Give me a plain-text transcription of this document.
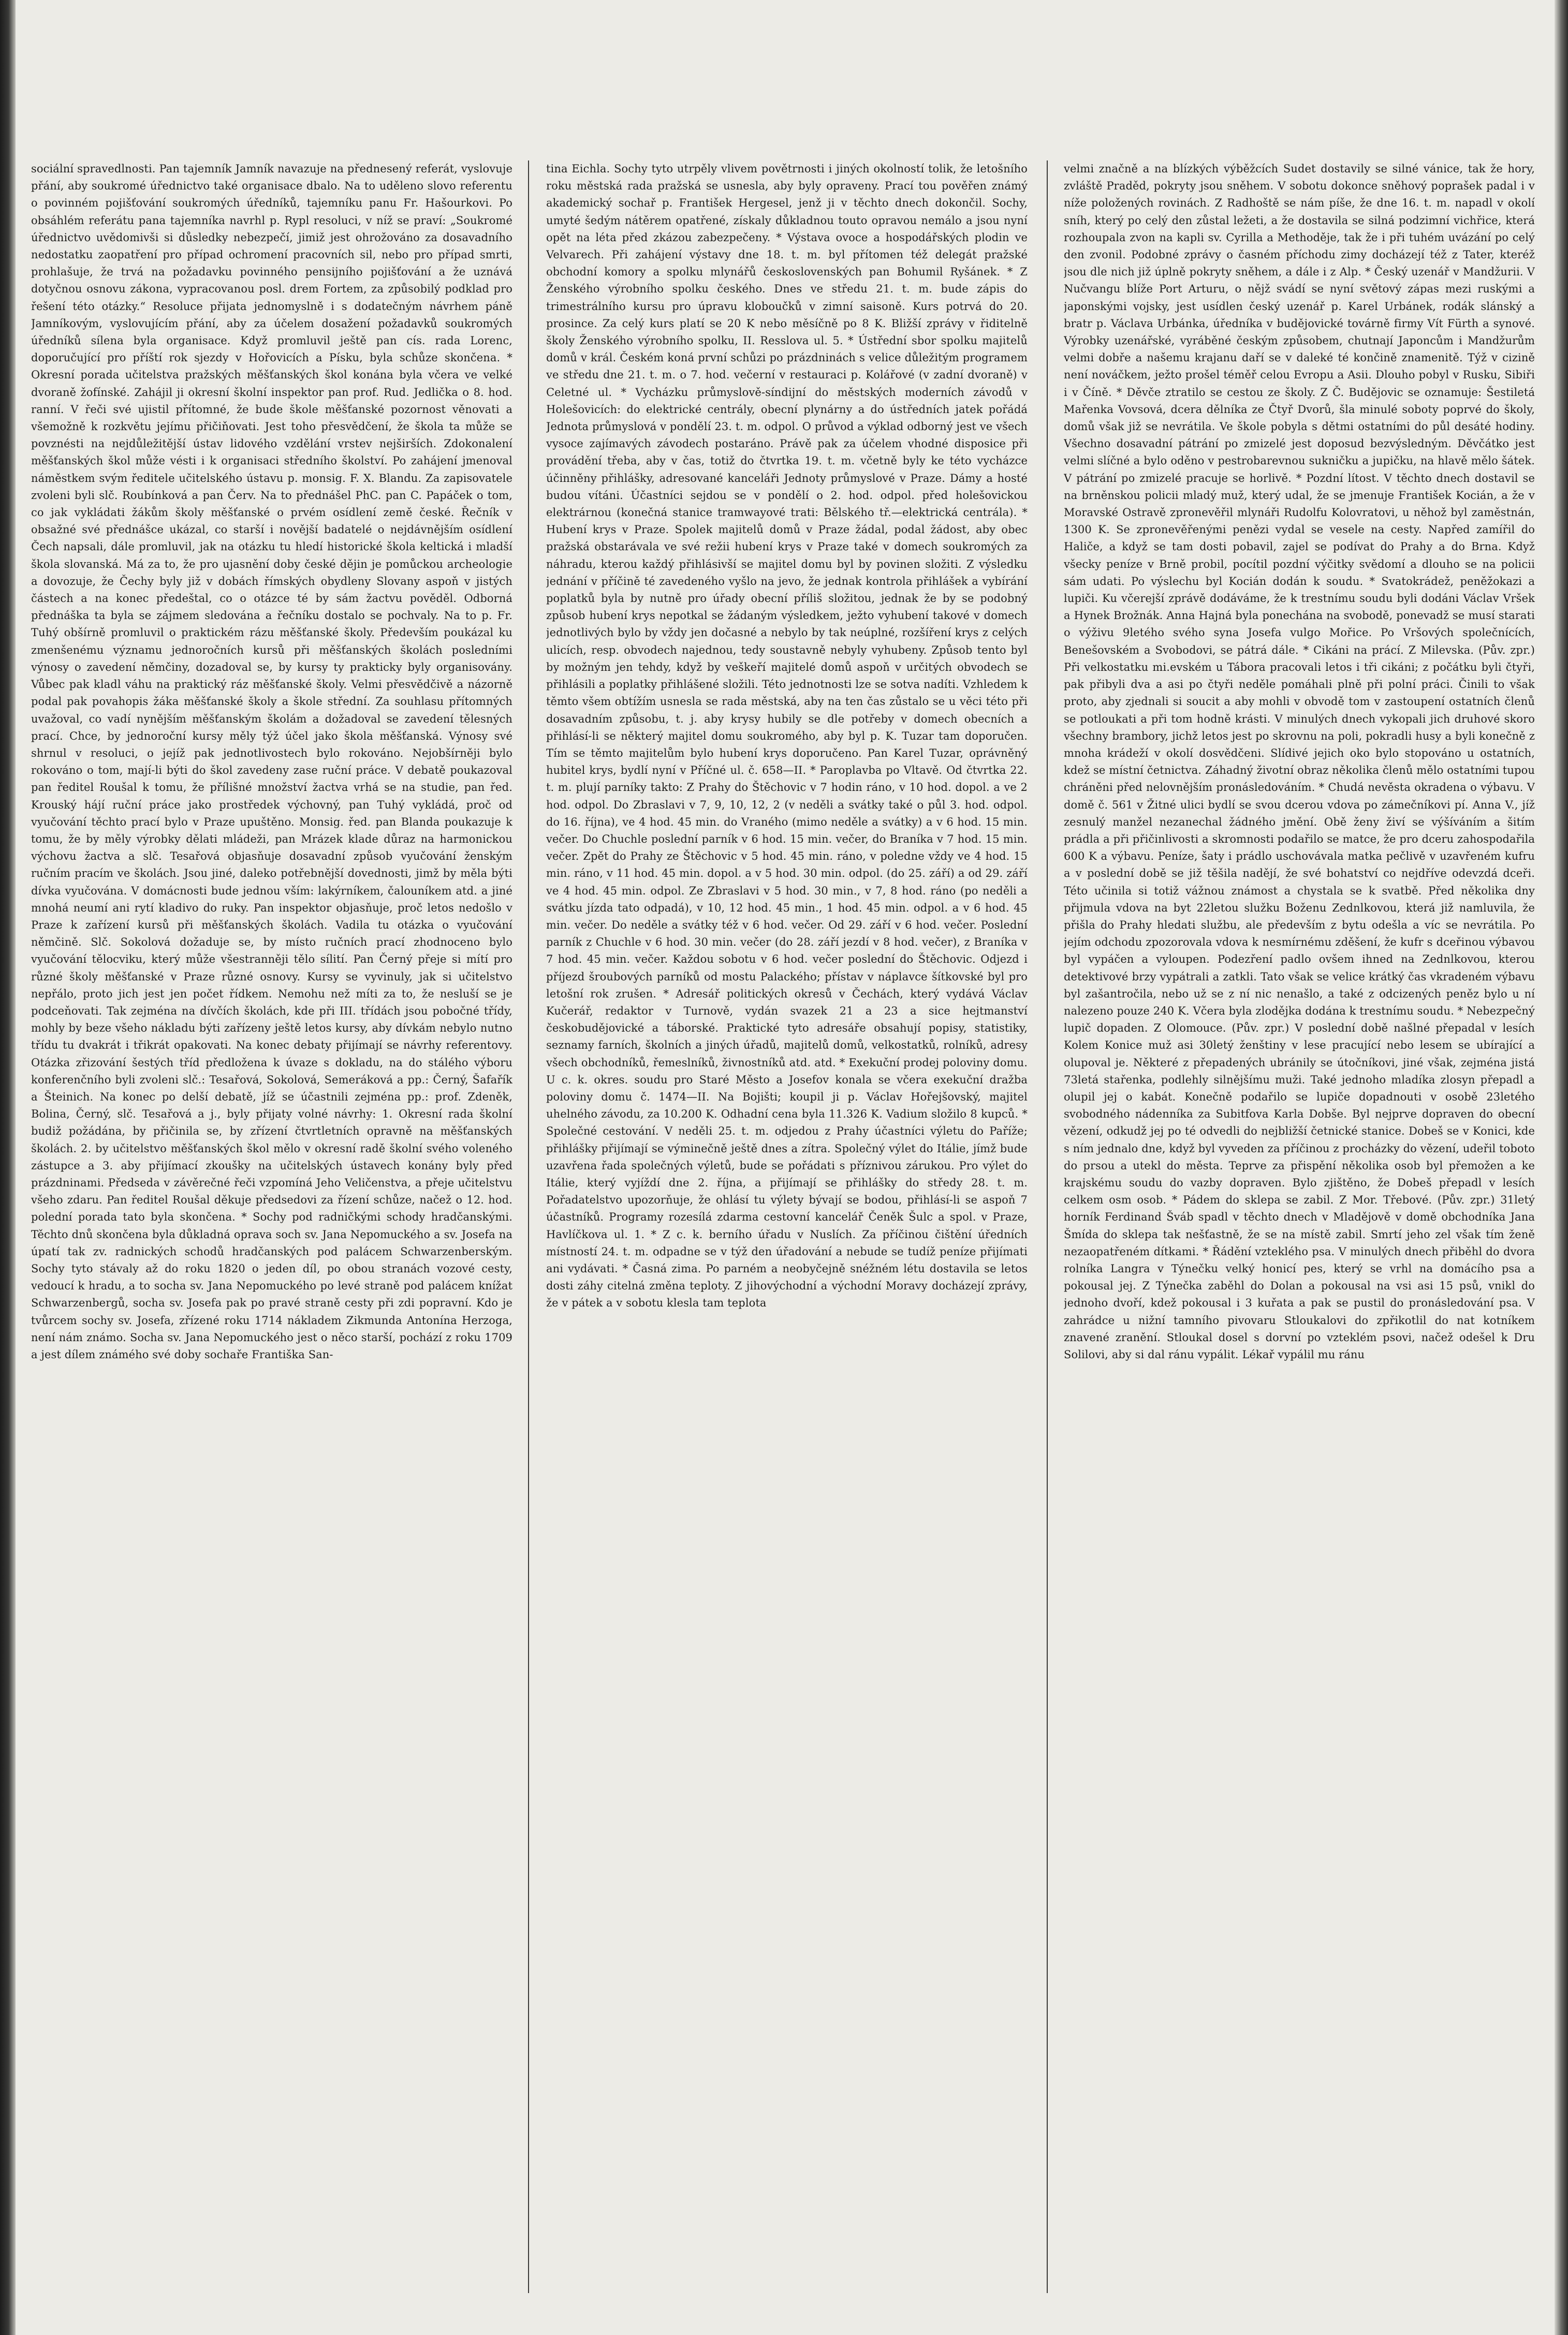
sociální spravedlnosti. Pan tajemník Jamník navazuje na přednesený referát, vyslovuje přání, aby soukromé úřednictvo také organisace dbalo. Na to uděleno slovo referentu o povinném pojišťování soukromých úředníků, tajemníku panu Fr. Hašourkovi. Po obsáhlém referátu pana tajemníka navrhl p. Rypl resoluci, v níž se praví: „Soukromé úřednictvo uvědomivši si důsledky nebezpečí, jimiž jest ohrožováno za dosavadního nedostatku zaopatření pro případ ochromení pracovních sil, nebo pro případ smrti, prohlašuje, že trvá na požadavku povinného pensijního pojišťování a že uznává dotyčnou osnovu zákona, vypracovanou posl. drem Fortem, za způsobilý podklad pro řešení této otázky.“ Resoluce přijata jednomyslně i s dodatečným návrhem páně Jamníkovým, vyslovujícím přání, aby za účelem dosažení požadavků soukromých úředníků sílena byla organisace. Když promluvil ještě pan cís. rada Lorenc, doporučující pro příští rok sjezdy v Hořovicích a Písku, byla schůze skončena. * Okresní porada učitelstva pražských měšťanských škol konána byla včera ve velké dvoraně žofínské. Zahájil ji okresní školní inspektor pan prof. Rud. Jedlička o 8. hod. ranní. V řeči své ujistil přítomné, že bude škole měšťanské pozornost věnovati a všemožně k rozkvětu jejímu přičiňovati. Jest toho přesvědčení, že škola ta může se povznésti na nejdůležitější ústav lidového vzdělání vrstev nejširších. Zdokonalení měšťanských škol může vésti i k organisaci středního školství. Po zahájení jmenoval náměstkem svým ředitele učitelského ústavu p. monsig. F. X. Blandu. Za zapisovatele zvoleni byli slč. Roubínková a pan Červ. Na to přednášel PhC. pan C. Papáček o tom, co jak vykládati žákům školy měšťanské o prvém osídlení země české. Řečník v obsažné své přednášce ukázal, co starší i novější badatelé o nejdávnějším osídlení Čech napsali, dále promluvil, jak na otázku tu hledí historické škola keltická i mladší škola slovanská. Má za to, že pro ujasnění doby české dějin je pomůckou archeologie a dovozuje, že Čechy byly již v dobách římských obydleny Slovany aspoň v jistých částech a na konec předeštal, co o otázce té by sám žactvu pověděl. Odborná přednáška ta byla se zájmem sledována a řečníku dostalo se pochvaly. Na to p. Fr. Tuhý obšírně promluvil o praktickém rázu měšťanské školy. Především poukázal ku zmenšenému významu jednoročních kursů při měšťanských školách posledními výnosy o zavedení němčiny, dozadoval se, by kursy ty prakticky byly organisovány. Vůbec pak kladl váhu na praktický ráz měšťanské školy. Velmi přesvědčivě a názorně podal pak povahopis žáka měšťanské školy a škole střední. Za souhlasu přítomných uvažoval, co vadí nynějším měšťanským školám a dožadoval se zavedení tělesných prací. Chce, by jednoroční kursy měly týž účel jako škola měšťanská. Výnosy své shrnul v resoluci, o jejíž pak jednotlivostech bylo rokováno. Nejobšírněji bylo rokováno o tom, mají-li býti do škol zavedeny zase ruční práce. V debatě poukazoval pan ředitel Roušal k tomu, že přílišné množství žactva vrhá se na studie, pan řed. Krouský hájí ruční práce jako prostředek výchovný, pan Tuhý vykládá, proč od vyučování těchto prací bylo v Praze upuštěno. Monsig. řed. pan Blanda poukazuje k tomu, že by měly výrobky dělati mládeži, pan Mrázek klade důraz na harmonickou výchovu žactva a slč. Tesařová objasňuje dosavadní způsob vyučování ženským ručním pracím ve školách. Jsou jiné, daleko potřebnější dovednosti, jimž by měla býti dívka vyučována. V domácnosti bude jednou vším: lakýrníkem, čalouníkem atd. a jiné mnohá neumí ani rytí kladivo do ruky. Pan inspektor objasňuje, proč letos nedošlo v Praze k zařízení kursů při měšťanských školách. Vadila tu otázka o vyučování němčině. Slč. Sokolová dožaduje se, by místo ručních prací zhodnoceno bylo vyučování tělocviku, který může všestranněji tělo sílití. Pan Černý přeje si mítí pro různé školy měšťanské v Praze různé osnovy. Kursy se vyvinuly, jak si učitelstvo nepřálo, proto jich jest jen počet řídkem. Nemohu než míti za to, že nesluší se je podceňovati. Tak zejména na dívčích školách, kde při III. třídách jsou pobočné třídy, mohly by beze všeho nákladu býti zařízeny ještě letos kursy, aby dívkám nebylo nutno třídu tu dvakrát i třikrát opakovati. Na konec debaty přijímají se návrhy referentovy. Otázka zřizování šestých tříd předložena k úvaze s dokladu, na do stálého výboru konferenčního byli zvoleni slč.: Tesařová, Sokolová, Semeráková a pp.: Černý, Šafařík a Šteinich. Na konec po delší debatě, jíž se účastnili zejména pp.: prof. Zdeněk, Bolina, Černý, slč. Tesařová a j., byly přijaty volné návrhy: 1. Okresní rada školní budiž požádána, by přičinila se, by zřízení čtvrtletních opravně na měšťanských školách. 2. by učitelstvo měšťanských škol mělo v okresní radě školní svého voleného zástupce a 3. aby přijímací zkoušky na učitelských ústavech konány byly před prázdninami. Předseda v závěrečné řeči vzpomíná Jeho Veličenstva, a přeje učitelstvu všeho zdaru. Pan ředitel Roušal děkuje předsedovi za řízení schůze, načež o 12. hod. polední porada tato byla skončena. * Sochy pod radničkými schody hradčanskými. Těchto dnů skončena byla důkladná oprava soch sv. Jana Nepomuckého a sv. Josefa na úpatí tak zv. radnických schodů hradčanských pod palácem Schwarzenberským. Sochy tyto stávaly až do roku 1820 o jeden díl, po obou stranách vozové cesty, vedoucí k hradu, a to socha sv. Jana Nepomuckého po levé straně pod palácem knížat Schwarzenbergů, socha sv. Josefa pak po pravé straně cesty při zdi popravní. Kdo je tvůrcem sochy sv. Josefa, zřízené roku 1714 nákladem Zikmunda Antonína Herzoga, není nám známo. Socha sv. Jana Nepomuckého jest o něco starší, pochází z roku 1709 a jest dílem známého své doby sochaře Františka San-

tina Eichla. Sochy tyto utrpěly vlivem povětrnosti i jiných okolností tolik, že letošního roku městská rada pražská se usnesla, aby byly opraveny. Prací tou pověřen známý akademický sochař p. František Hergesel, jenž ji v těchto dnech dokončil. Sochy, umyté šedým nátěrem opatřené, získaly důkladnou touto opravou nemálo a jsou nyní opět na léta před zkázou zabezpečeny. * Výstava ovoce a hospodářských plodin ve Velvarech. Při zahájení výstavy dne 18. t. m. byl přítomen též delegát pražské obchodní komory a spolku mlynářů československých pan Bohumil Ryšánek. * Z Ženského výrobního spolku českého. Dnes ve středu 21. t. m. bude zápis do trimestrálního kursu pro úpravu kloboučků v zimní saisoně. Kurs potrvá do 20. prosince. Za celý kurs platí se 20 K nebo měsíčně po 8 K. Bližší zprávy v řiditelně školy Ženského výrobního spolku, II. Resslova ul. 5. * Ústřední sbor spolku majitelů domů v král. Českém koná první schůzi po prázdninách s velice důležitým programem ve středu dne 21. t. m. o 7. hod. večerní v restauraci p. Kolářové (v zadní dvoraně) v Celetné ul. * Vycházku průmyslově-síndijní do městských moderních závodů v Holešovicích: do elektrické centrály, obecní plynárny a do ústředních jatek pořádá Jednota průmyslová v pondělí 23. t. m. odpol. O průvod a výklad odborný jest ve všech vysoce zajímavých závodech postaráno. Právě pak za účelem vhodné disposice při provádění třeba, aby v čas, totiž do čtvrtka 19. t. m. včetně byly ke této vycházce účinněny přihlášky, adresované kanceláři Jednoty průmyslové v Praze. Dámy a hosté budou vítáni. Účastníci sejdou se v pondělí o 2. hod. odpol. před holešovickou elektrárnou (konečná stanice tramwayové trati: Bělského tř.—elektrická centrála). * Hubení krys v Praze. Spolek majitelů domů v Praze žádal, podal žádost, aby obec pražská obstarávala ve své režii hubení krys v Praze také v domech soukromých za náhradu, kterou každý přihlásivší se majitel domu byl by povinen složiti. Z výsledku jednání v příčině té zavedeného vyšlo na jevo, že jednak kontrola přihlášek a vybírání poplatků byla by nutně pro úřady obecní příliš složitou, jednak že by se podobný způsob hubení krys nepotkal se žádaným výsledkem, ježto vyhubení takové v domech jednotlivých bylo by vždy jen dočasné a nebylo by tak neúplné, rozšíření krys z celých ulicích, resp. obvodech najednou, tedy soustavně nebyly vyhubeny. Způsob tento byl by možným jen tehdy, když by veškeří majitelé domů aspoň v určitých obvodech se přihlásili a poplatky přihlášené složili. Této jednotnosti lze se sotva nadíti. Vzhledem k těmto všem obtížím usnesla se rada městská, aby na ten čas zůstalo se u věci této při dosavadním způsobu, t. j. aby krysy hubily se dle potřeby v domech obecních a přihlásí-li se některý majitel domu soukromého, aby byl p. K. Tuzar tam doporučen. Tím se těmto majitelům bylo hubení krys doporučeno. Pan Karel Tuzar, oprávněný hubitel krys, bydlí nyní v Příčné ul. č. 658—II. * Paroplavba po Vltavě. Od čtvrtka 22. t. m. plují parníky takto: Z Prahy do Štěchovic v 7 hodin ráno, v 10 hod. dopol. a ve 2 hod. odpol. Do Zbraslavi v 7, 9, 10, 12, 2 (v neděli a svátky také o půl 3. hod. odpol. do 16. října), ve 4 hod. 45 min. do Vraného (mimo neděle a svátky) a v 6 hod. 15 min. večer. Do Chuchle poslední parník v 6 hod. 15 min. večer, do Braníka v 7 hod. 15 min. večer. Zpět do Prahy ze Štěchovic v 5 hod. 45 min. ráno, v poledne vždy ve 4 hod. 15 min. ráno, v 11 hod. 45 min. dopol. a v 5 hod. 30 min. odpol. (do 25. září) a od 29. září ve 4 hod. 45 min. odpol. Ze Zbraslavi v 5 hod. 30 min., v 7, 8 hod. ráno (po neděli a svátku jízda tato odpadá), v 10, 12 hod. 45 min., 1 hod. 45 min. odpol. a v 6 hod. 45 min. večer. Do neděle a svátky též v 6 hod. večer. Od 29. září v 6 hod. večer. Poslední parník z Chuchle v 6 hod. 30 min. večer (do 28. září jezdí v 8 hod. večer), z Braníka v 7 hod. 45 min. večer. Každou sobotu v 6 hod. večer poslední do Štěchovic. Odjezd i příjezd šroubových parníků od mostu Palackého; přístav v náplavce šítkovské byl pro letošní rok zrušen. * Adresář politických okresů v Čechách, který vydává Václav Kučerář, redaktor v Turnově, vydán svazek 21 a 23 a sice hejtmanství českobudějovické a táborské. Praktické tyto adresáře obsahují popisy, statistiky, seznamy farních, školních a jiných úřadů, majitelů domů, velkostatků, rolníků, adresy všech obchodníků, řemeslníků, živnostníků atd. atd. * Exekuční prodej poloviny domu. U c. k. okres. soudu pro Staré Město a Josefov konala se včera exekuční dražba poloviny domu č. 1474—II. Na Bojišti; koupil ji p. Václav Hořejšovský, majitel uhelného závodu, za 10.200 K. Odhadní cena byla 11.326 K. Vadium složilo 8 kupců. * Společné cestování. V neděli 25. t. m. odjedou z Prahy účastníci výletu do Paříže; přihlášky přijímají se výminečně ještě dnes a zítra. Společný výlet do Itálie, jímž bude uzavřena řada společných výletů, bude se pořádati s příznivou zárukou. Pro výlet do Itálie, který vyjíždí dne 2. října, a přijímají se přihlášky do středy 28. t. m. Pořadatelstvo upozorňuje, že ohlásí tu výlety bývají se bodou, přihlásí-li se aspoň 7 účastníků. Programy rozesílá zdarma cestovní kancelář Čeněk Šulc a spol. v Praze, Havlíčkova ul. 1. * Z c. k. berního úřadu v Nuslích. Za příčinou čištění úředních místností 24. t. m. odpadne se v týž den úřadování a nebude se tudíž peníze přijímati ani vydávati. * Časná zima. Po parném a neobyčejně snéžném létu dostavila se letos dosti záhy citelná změna teploty. Z jihovýchodní a východní Moravy docházejí zprávy, že v pátek a v sobotu klesla tam teplota

velmi značně a na blízkých výběžcích Sudet dostavily se silné vánice, tak že hory, zvláště Praděd, pokryty jsou sněhem. V sobotu dokonce sněhový poprašek padal i v níže položených rovinách. Z Radhoště se nám píše, že dne 16. t. m. napadl v okolí sníh, který po celý den zůstal ležeti, a že dostavila se silná podzimní vichřice, která rozhoupala zvon na kapli sv. Cyrilla a Methoděje, tak že i při tuhém uvázání po celý den zvonil. Podobné zprávy o časném příchodu zimy docházejí též z Tater, kteréž jsou dle nich již úplně pokryty sněhem, a dále i z Alp. * Český uzenář v Mandžurii. V Nučvangu blíže Port Arturu, o nějž svádí se nyní světový zápas mezi ruskými a japonskými vojsky, jest usídlen český uzenář p. Karel Urbánek, rodák slánský a bratr p. Václava Urbánka, úředníka v budějovické továrně firmy Vít Fürth a synové. Výrobky uzenářské, vyráběné českým způsobem, chutnají Japoncům i Mandžurům velmi dobře a našemu krajanu daří se v daleké té končině znamenitě. Týž v cizině není nováčkem, ježto prošel téměř celou Evropu a Asii. Dlouho pobyl v Rusku, Sibiři i v Číně. * Děvče ztratilo se cestou ze školy. Z Č. Budějovic se oznamuje: Šestiletá Mařenka Vovsová, dcera dělníka ze Čtyř Dvorů, šla minulé soboty poprvé do školy, domů však již se nevrátila. Ve škole pobyla s dětmi ostatními do půl desáté hodiny. Všechno dosavadní pátrání po zmizelé jest doposud bezvýsledným. Děvčátko jest velmi slíčné a bylo oděno v pestrobarevnou sukničku a jupičku, na hlavě mělo šátek. V pátrání po zmizelé pracuje se horlivě. * Pozdní lítost. V těchto dnech dostavil se na brněnskou policii mladý muž, který udal, že se jmenuje František Kocián, a že v Moravské Ostravě zpronevěřil mlynáři Rudolfu Kolovratovi, u něhož byl zaměstnán, 1300 K. Se zpronevěřenými penězi vydal se vesele na cesty. Napřed zamířil do Haliče, a když se tam dosti pobavil, zajel se podívat do Prahy a do Brna. Když všecky peníze v Brně probil, pocítil pozdní výčitky svědomí a dlouho se na policii sám udati. Po výslechu byl Kocián dodán k soudu. * Svatokrádež, peněžokazi a lupiči. Ku včerejší zprávě dodáváme, že k trestnímu soudu byli dodáni Václav Vršek a Hynek Brožnák. Anna Hajná byla ponechána na svobodě, ponevadž se musí starati o výživu 9letého svého syna Josefa vulgo Mořice. Po Vršových společnících, Benešovském a Svobodovi, se pátrá dále. * Cikáni na prácí. Z Milevska. (Pův. zpr.) Při velkostatku mi.evském u Tábora pracovali letos i tři cikáni; z počátku byli čtyři, pak přibyli dva a asi po čtyři neděle pomáhali plně při polní práci. Činili to však proto, aby zjednali si soucit a aby mohli v obvodě tom v zastoupení ostatních členů se potloukati a při tom hodně krásti. V minulých dnech vykopali jich druhové skoro všechny brambory, jichž letos jest po skrovnu na poli, pokradli husy a byli konečně z mnoha krádeží v okolí dosvědčeni. Slídivé jejich oko bylo stopováno u ostatních, kdež se místní četnictva. Záhadný životní obraz několika členů mělo ostatními tupou chráněni před nelovnějším pronásledováním. * Chudá nevěsta okradena o výbavu. V domě č. 561 v Žitné ulici bydlí se svou dcerou vdova po zámečníkovi pí. Anna V., jíž zesnulý manžel nezanechal žádného jmění. Obě ženy živí se výšíváním a šitím prádla a při přičinlivosti a skromnosti podařilo se matce, že pro dceru zahospodařila 600 K a výbavu. Peníze, šaty i prádlo uschovávala matka pečlivě v uzavřeném kufru a v poslední době se již těšila nadějí, že své bohatství co nejdříve odevzdá dceři. Této učinila si totiž vážnou známost a chystala se k svatbě. Před několika dny přijmula vdova na byt 22letou služku Boženu Zednlkovou, která již namluvila, že přišla do Prahy hledati službu, ale především z bytu odešla a víc se nevrátila. Po jejím odchodu zpozorovala vdova k nesmírnému zděšení, že kufr s dceřinou výbavou byl vypáčen a vyloupen. Podezření padlo ovšem ihned na Zednlkovou, kterou detektivové brzy vypátrali a zatkli. Tato však se velice krátký čas vkradeném výbavu byl zašantročila, nebo už se z ní nic nenašlo, a také z odcizených peněz bylo u ní nalezeno pouze 240 K. Včera byla zlodějka dodána k trestnímu soudu. * Nebezpečný lupič dopaden. Z Olomouce. (Pův. zpr.) V poslední době našlné přepadal v lesích Kolem Konice muž asi 30letý ženštiny v lese pracující nebo lesem se ubírající a olupoval je. Některé z přepadených ubránily se útočníkovi, jiné však, zejména jistá 73letá stařenka, podlehly silnějšímu muži. Také jednoho mladíka zlosyn přepadl a olupil jej o kabát. Konečně podařilo se lupiče dopadnouti v osobě 23letého svobodného nádenníka za Subitfova Karla Dobše. Byl nejprve dopraven do obecní vězení, odkudž jej po té odvedli do nejbližší četnické stanice. Dobeš se v Konici, kde s ním jednalo dne, když byl vyveden za příčinou z procházky do vězení, udeřil toboto do prsou a utekl do města. Teprve za přispění několika osob byl přemožen a ke krajskému soudu do vazby dopraven. Bylo zjištěno, že Dobeš přepadl v lesích celkem osm osob. * Pádem do sklepa se zabil. Z Mor. Třebové. (Pův. zpr.) 31letý horník Ferdinand Šváb spadl v těchto dnech v Mladějově v domě obchodníka Jana Šmída do sklepa tak nešťastně, že se na místě zabil. Smrtí jeho zel však tím ženě nezaopatřeném dítkami. * Řádění vzteklého psa. V minulých dnech přiběhl do dvora rolníka Langra v Týnečku velký honicí pes, který se vrhl na domácího psa a pokousal jej. Z Týnečka zaběhl do Dolan a pokousal na vsi asi 15 psů, vnikl do jednoho dvoří, kdež pokousal i 3 kuřata a pak se pustil do pronásledování psa. V zahrádce u nižní tamního pivovaru Stloukalovi do zpřikotlil do nat kotníkem znavené zranění. Stloukal dosel s dorvní po vzteklém psovi, načež odešel k Dru Solilovi, aby si dal ránu vypálit. Lékař vypálil mu ránu
